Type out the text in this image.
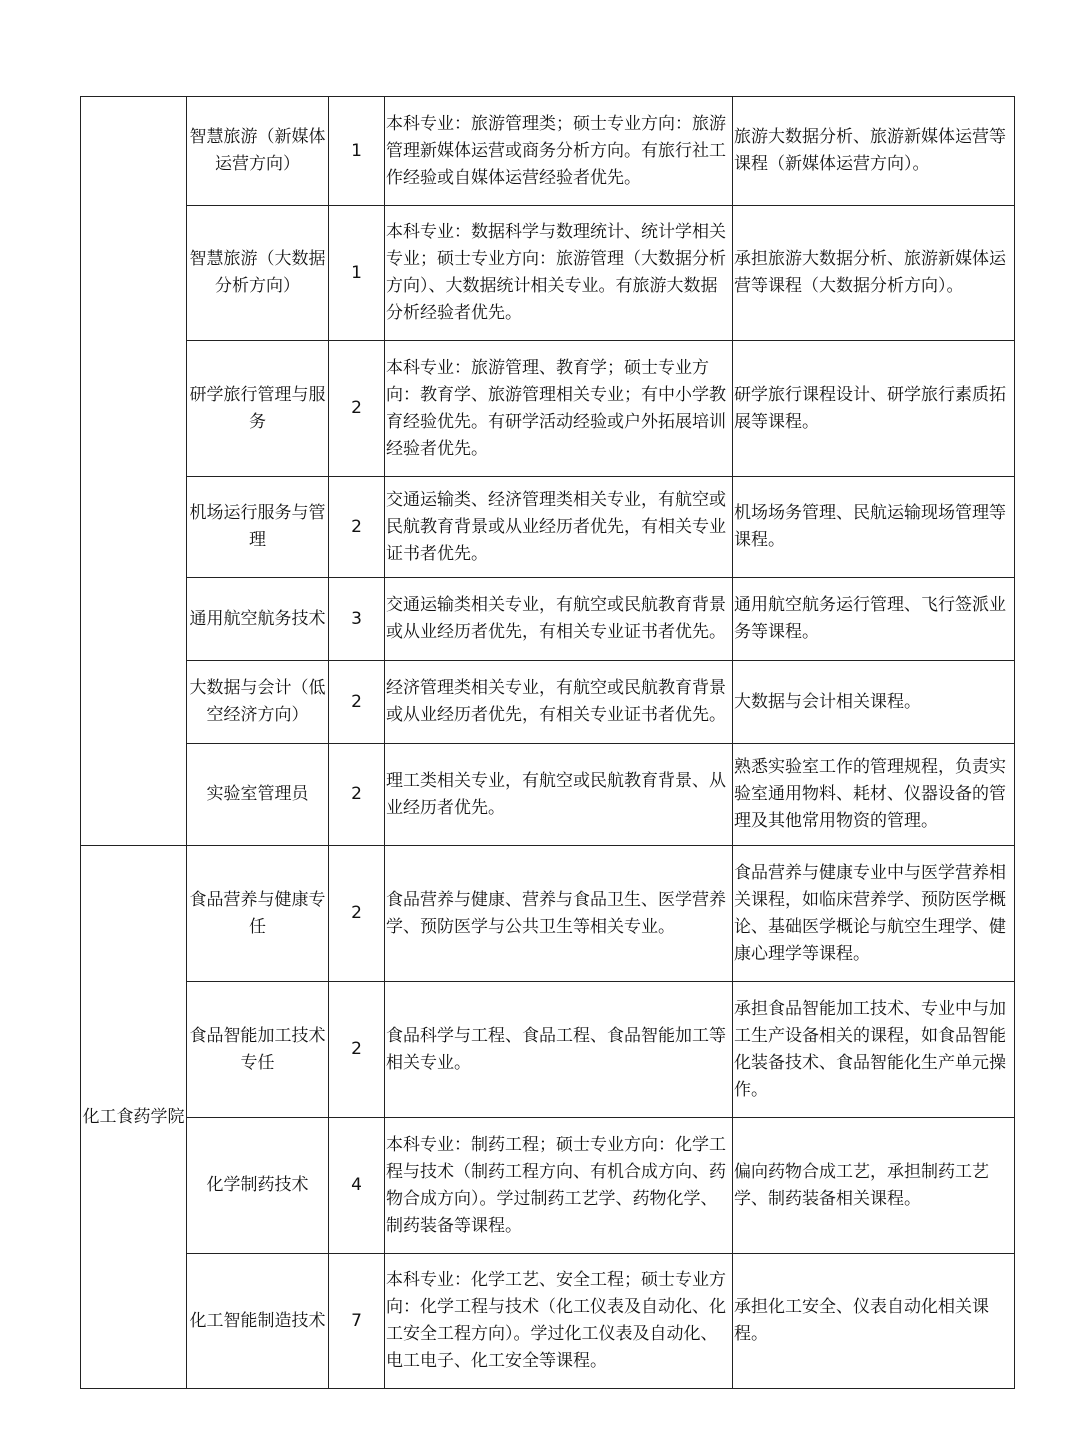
	智慧旅游（新媒体运营方向）	1	本科专业：旅游管理类；硕士专业方向：旅游管理新媒体运营或商务分析方向。有旅行社工作经验或自媒体运营经验者优先。	旅游大数据分析、旅游新媒体运营等课程（新媒体运营方向）。
	智慧旅游（大数据分析方向）	1	本科专业：数据科学与数理统计、统计学相关专业；硕士专业方向：旅游管理（大数据分析方向）、大数据统计相关专业。有旅游大数据分析经验者优先。	承担旅游大数据分析、旅游新媒体运营等课程（大数据分析方向）。
	研学旅行管理与服务	2	本科专业：旅游管理、教育学；硕士专业方向：教育学、旅游管理相关专业；有中小学教育经验优先。有研学活动经验或户外拓展培训经验者优先。	研学旅行课程设计、研学旅行素质拓展等课程。
	机场运行服务与管理	2	交通运输类、经济管理类相关专业，有航空或民航教育背景或从业经历者优先，有相关专业证书者优先。	机场场务管理、民航运输现场管理等课程。
	通用航空航务技术	3	交通运输类相关专业，有航空或民航教育背景或从业经历者优先，有相关专业证书者优先。	通用航空航务运行管理、飞行签派业务等课程。
	大数据与会计（低空经济方向）	2	经济管理类相关专业，有航空或民航教育背景或从业经历者优先，有相关专业证书者优先。	大数据与会计相关课程。
	实验室管理员	2	理工类相关专业，有航空或民航教育背景、从业经历者优先。	熟悉实验室工作的管理规程，负责实验室通用物料、耗材、仪器设备的管理及其他常用物资的管理。
化工食药学院	食品营养与健康专任	2	食品营养与健康、营养与食品卫生、医学营养学、预防医学与公共卫生等相关专业。	食品营养与健康专业中与医学营养相关课程，如临床营养学、预防医学概论、基础医学概论与航空生理学、健康心理学等课程。
	食品智能加工技术专任	2	食品科学与工程、食品工程、食品智能加工等相关专业。	承担食品智能加工技术、专业中与加工生产设备相关的课程，如食品智能化装备技术、食品智能化生产单元操作。
	化学制药技术	4	本科专业：制药工程；硕士专业方向：化学工程与技术（制药工程方向、有机合成方向、药物合成方向）。学过制药工艺学、药物化学、制药装备等课程。	偏向药物合成工艺，承担制药工艺学、制药装备相关课程。
	化工智能制造技术	7	本科专业：化学工艺、安全工程；硕士专业方向：化学工程与技术（化工仪表及自动化、化工安全工程方向）。学过化工仪表及自动化、电工电子、化工安全等课程。	承担化工安全、仪表自动化相关课程。
